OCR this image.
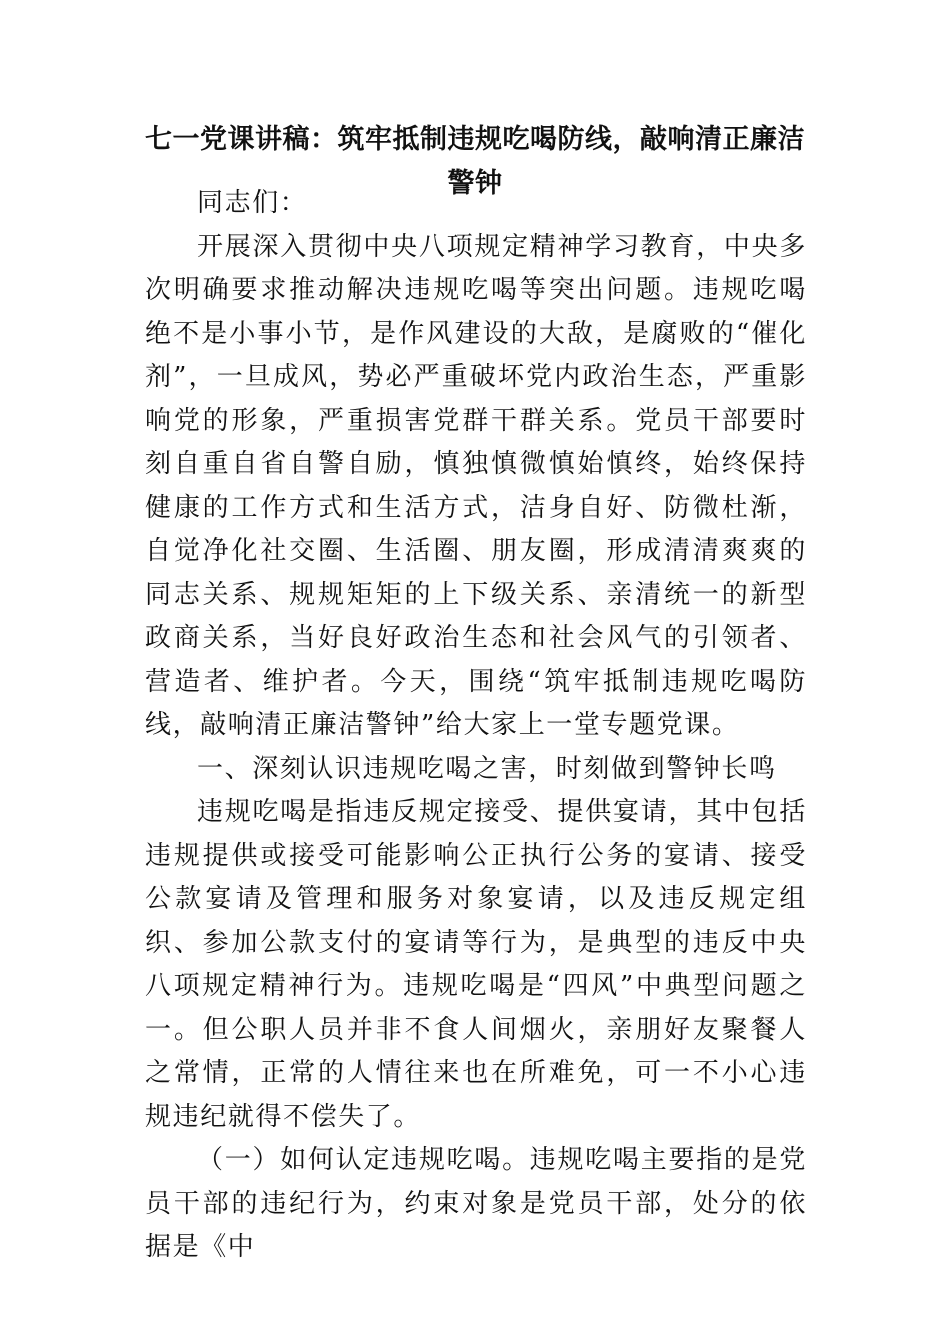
七一党课讲稿：筑牢抵制违规吃喝防线，敲响清正廉洁警钟

同志们：

开展深入贯彻中央八项规定精神学习教育，中央多次明确要求推动解决违规吃喝等突出问题。违规吃喝绝不是小事小节，是作风建设的大敌，是腐败的“催化剂”，一旦成风，势必严重破坏党内政治生态，严重影响党的形象，严重损害党群干群关系。党员干部要时刻自重自省自警自励，慎独慎微慎始慎终，始终保持健康的工作方式和生活方式，洁身自好、防微杜渐，自觉净化社交圈、生活圈、朋友圈，形成清清爽爽的同志关系、规规矩矩的上下级关系、亲清统一的新型政商关系，当好良好政治生态和社会风气的引领者、营造者、维护者。今天，围绕“筑牢抵制违规吃喝防线，敲响清正廉洁警钟”给大家上一堂专题党课。

一、深刻认识违规吃喝之害，时刻做到警钟长鸣

违规吃喝是指违反规定接受、提供宴请，其中包括违规提供或接受可能影响公正执行公务的宴请、接受公款宴请及管理和服务对象宴请，以及违反规定组织、参加公款支付的宴请等行为，是典型的违反中央八项规定精神行为。违规吃喝是“四风”中典型问题之一。但公职人员并非不食人间烟火，亲朋好友聚餐人之常情，正常的人情往来也在所难免，可一不小心违规违纪就得不偿失了。

（一）如何认定违规吃喝。违规吃喝主要指的是党员干部的违纪行为，约束对象是党员干部，处分的依据是《中
